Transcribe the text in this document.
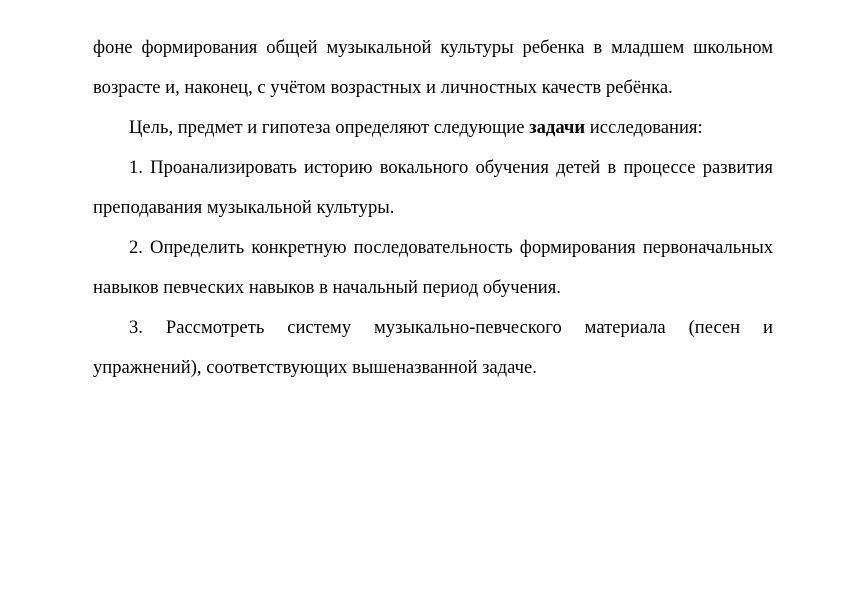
фоне формирования общей музыкальной культуры ребенка в младшем школьном возрасте и, наконец, с учётом возрастных и личностных качеств ребёнка.

Цель, предмет и гипотеза определяют следующие задачи исследования:

1. Проанализировать историю вокального обучения детей в процессе развития преподавания музыкальной культуры.

2. Определить конкретную последовательность формирования первоначальных навыков певческих навыков в начальный период обучения.

3. Рассмотреть систему музыкально-певческого материала (песен и упражнений), соответствующих вышеназванной задаче.
